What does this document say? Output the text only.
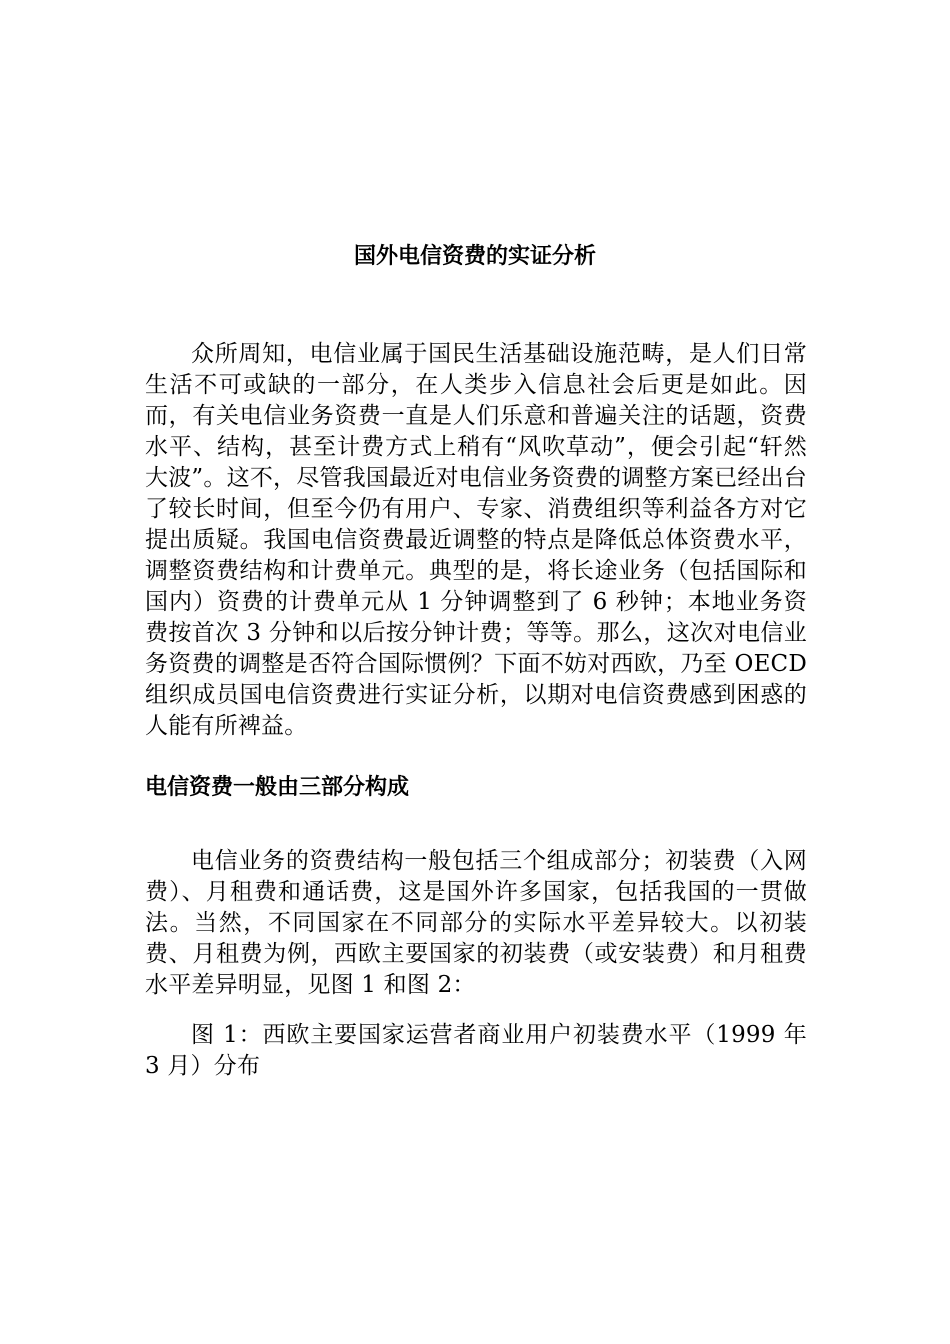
国外电信资费的实证分析

众所周知，电信业属于国民生活基础设施范畴，是人们日常生活不可或缺的一部分，在人类步入信息社会后更是如此。因而，有关电信业务资费一直是人们乐意和普遍关注的话题，资费水平、结构，甚至计费方式上稍有“风吹草动”，便会引起“轩然大波”。这不，尽管我国最近对电信业务资费的调整方案已经出台了较长时间，但至今仍有用户、专家、消费组织等利益各方对它提出质疑。我国电信资费最近调整的特点是降低总体资费水平，调整资费结构和计费单元。典型的是，将长途业务（包括国际和国内）资费的计费单元从 1 分钟调整到了 6 秒钟；本地业务资费按首次 3 分钟和以后按分钟计费；等等。那么，这次对电信业务资费的调整是否符合国际惯例？下面不妨对西欧，乃至 OECD 组织成员国电信资费进行实证分析，以期对电信资费感到困惑的人能有所裨益。

电信资费一般由三部分构成

电信业务的资费结构一般包括三个组成部分；初装费（入网费）、月租费和通话费，这是国外许多国家，包括我国的一贯做法。当然，不同国家在不同部分的实际水平差异较大。以初装费、月租费为例，西欧主要国家的初装费（或安装费）和月租费水平差异明显，见图 1 和图 2：

图 1：西欧主要国家运营者商业用户初装费水平（1999 年 3 月）分布
